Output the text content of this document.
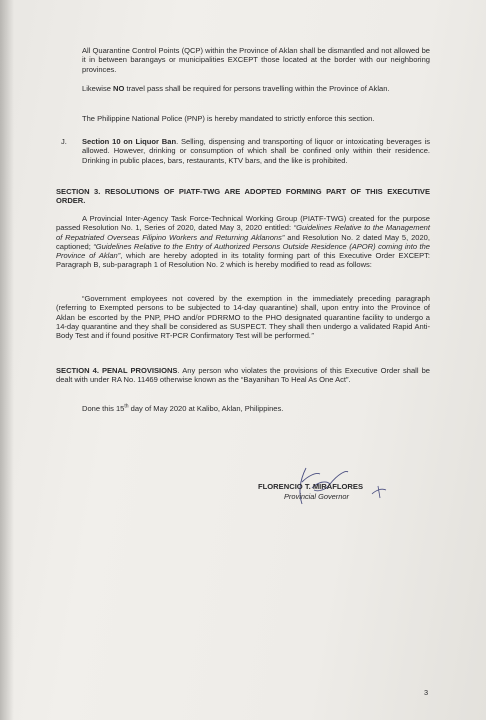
All Quarantine Control Points (QCP) within the Province of Aklan shall be dismantled and not allowed be it in between barangays or municipalities EXCEPT those located at the border with our neighboring provinces.

Likewise NO travel pass shall be required for persons travelling within the Province of Aklan.

The Philippine National Police (PNP) is hereby mandated to strictly enforce this section.

J. Section 10 on Liquor Ban. Selling, dispensing and transporting of liquor or intoxicating beverages is allowed. However, drinking or consumption of which shall be confined only within their residence. Drinking in public places, bars, restaurants, KTV bars, and the like is prohibited.

SECTION 3. RESOLUTIONS OF PIATF-TWG ARE ADOPTED FORMING PART OF THIS EXECUTIVE ORDER.

A Provincial Inter-Agency Task Force-Technical Working Group (PIATF-TWG) created for the purpose passed Resolution No. 1, Series of 2020, dated May 3, 2020 entitled: “Guidelines Relative to the Management of Repatriated Overseas Filipino Workers and Returning Aklanons” and Resolution No. 2 dated May 5, 2020, captioned; “Guidelines Relative to the Entry of Authorized Persons Outside Residence (APOR) coming into the Province of Aklan”, which are hereby adopted in its totality forming part of this Executive Order EXCEPT: Paragraph B, sub-paragraph 1 of Resolution No. 2 which is hereby modified to read as follows:

“Government employees not covered by the exemption in the immediately preceding paragraph (referring to Exempted persons to be subjected to 14-day quarantine) shall, upon entry into the Province of Aklan be escorted by the PNP, PHO and/or PDRRMO to the PHO designated quarantine facility to undergo a 14-day quarantine and they shall be considered as SUSPECT. They shall then undergo a validated Rapid Anti-Body Test and if found positive RT-PCR Confirmatory Test will be performed.”

SECTION 4. PENAL PROVISIONS. Any person who violates the provisions of this Executive Order shall be dealt with under RA No. 11469 otherwise known as the “Bayanihan To Heal As One Act”.

Done this 15th day of May 2020 at Kalibo, Aklan, Philippines.

FLORENCIO T. MIRAFLORES
Provincial Governor
3
